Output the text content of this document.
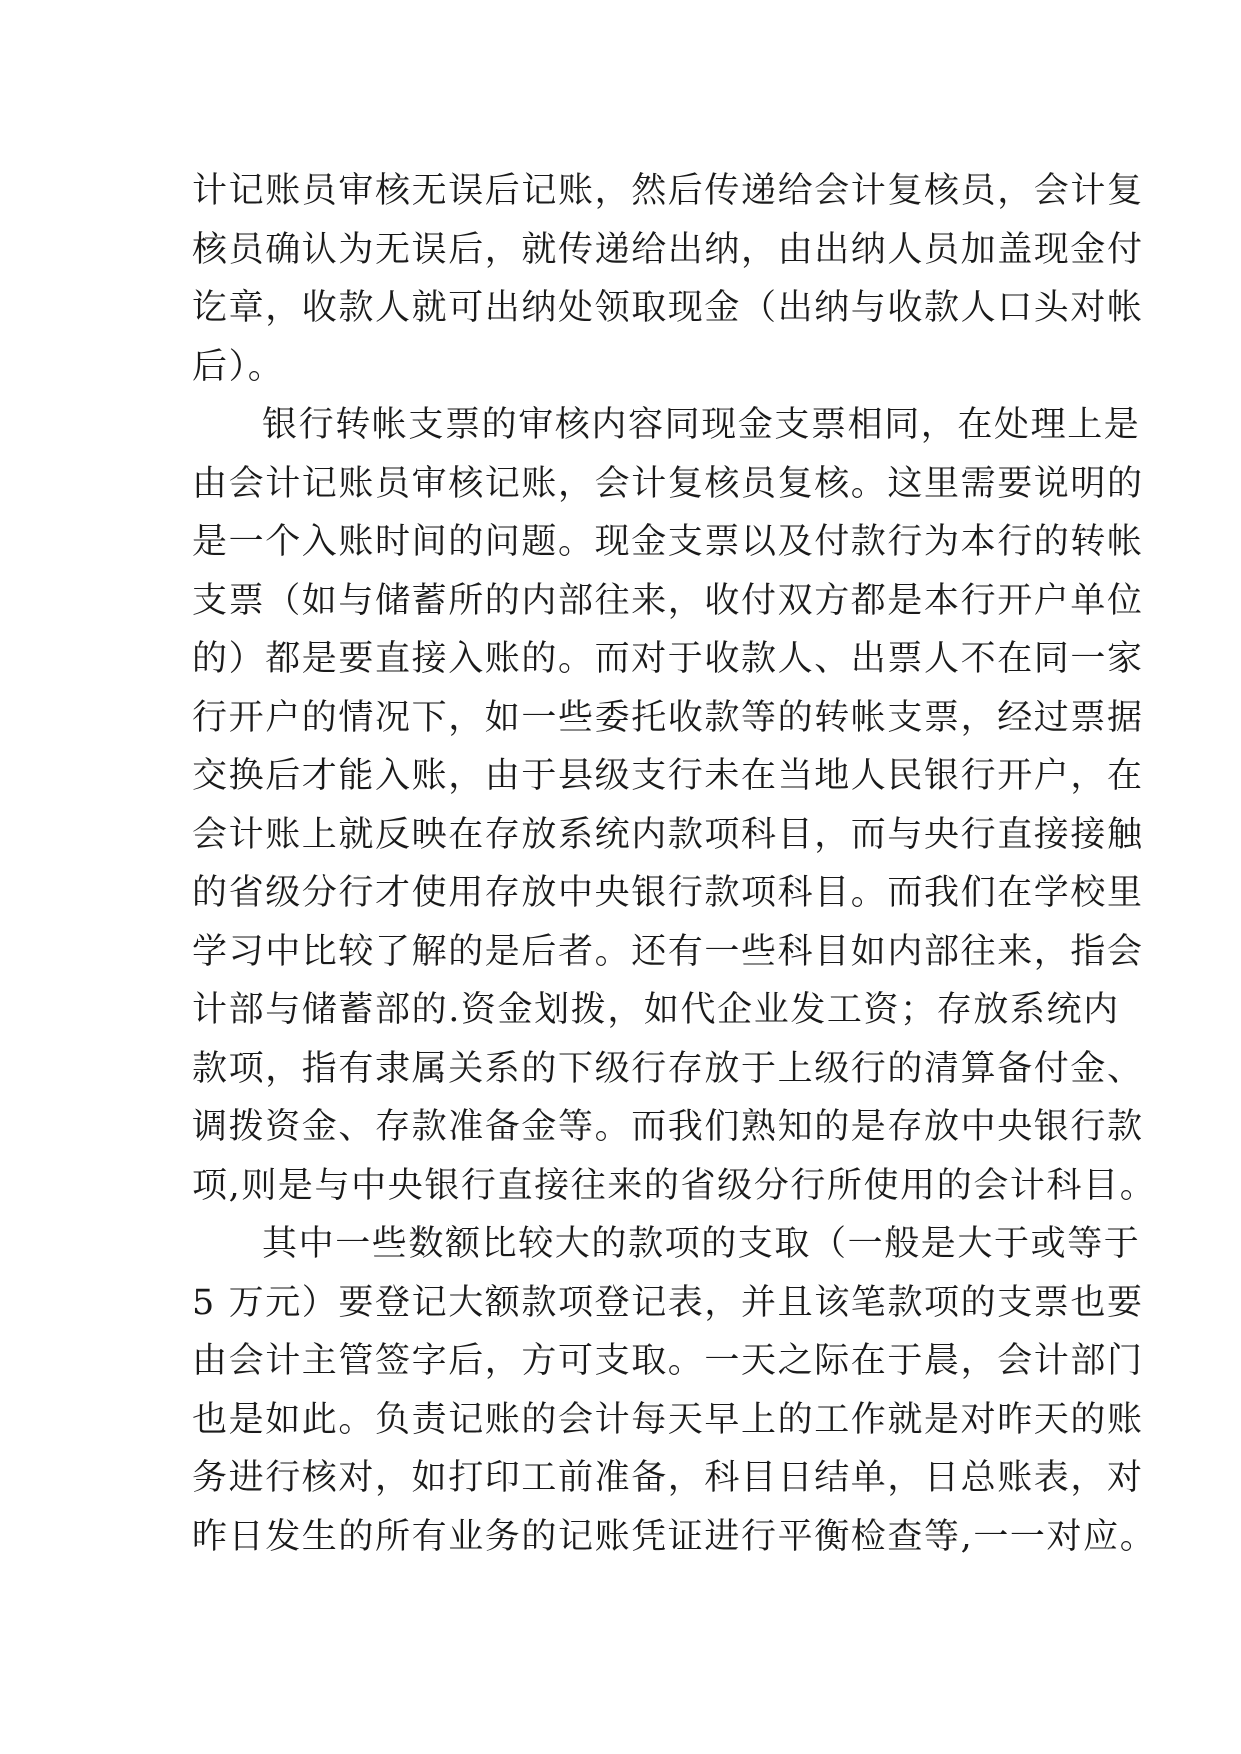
计记账员审核无误后记账，然后传递给会计复核员，会计复
核员确认为无误后，就传递给出纳，由出纳人员加盖现金付
讫章，收款人就可出纳处领取现金（出纳与收款人口头对帐
后）。
银行转帐支票的审核内容同现金支票相同，在处理上是
由会计记账员审核记账，会计复核员复核。这里需要说明的
是一个入账时间的问题。现金支票以及付款行为本行的转帐
支票（如与储蓄所的内部往来，收付双方都是本行开户单位
的）都是要直接入账的。而对于收款人、出票人不在同一家
行开户的情况下，如一些委托收款等的转帐支票，经过票据
交换后才能入账，由于县级支行未在当地人民银行开户，在
会计账上就反映在存放系统内款项科目，而与央行直接接触
的省级分行才使用存放中央银行款项科目。而我们在学校里
学习中比较了解的是后者。还有一些科目如内部往来，指会
计部与储蓄部的.资金划拨，如代企业发工资；存放系统内
款项，指有隶属关系的下级行存放于上级行的清算备付金、
调拨资金、存款准备金等。而我们熟知的是存放中央银行款
项,则是与中央银行直接往来的省级分行所使用的会计科目。
其中一些数额比较大的款项的支取（一般是大于或等于
5 万元）要登记大额款项登记表，并且该笔款项的支票也要
由会计主管签字后，方可支取。一天之际在于晨，会计部门
也是如此。负责记账的会计每天早上的工作就是对昨天的账
务进行核对，如打印工前准备，科目日结单，日总账表，对
昨日发生的所有业务的记账凭证进行平衡检查等,一一对应。
